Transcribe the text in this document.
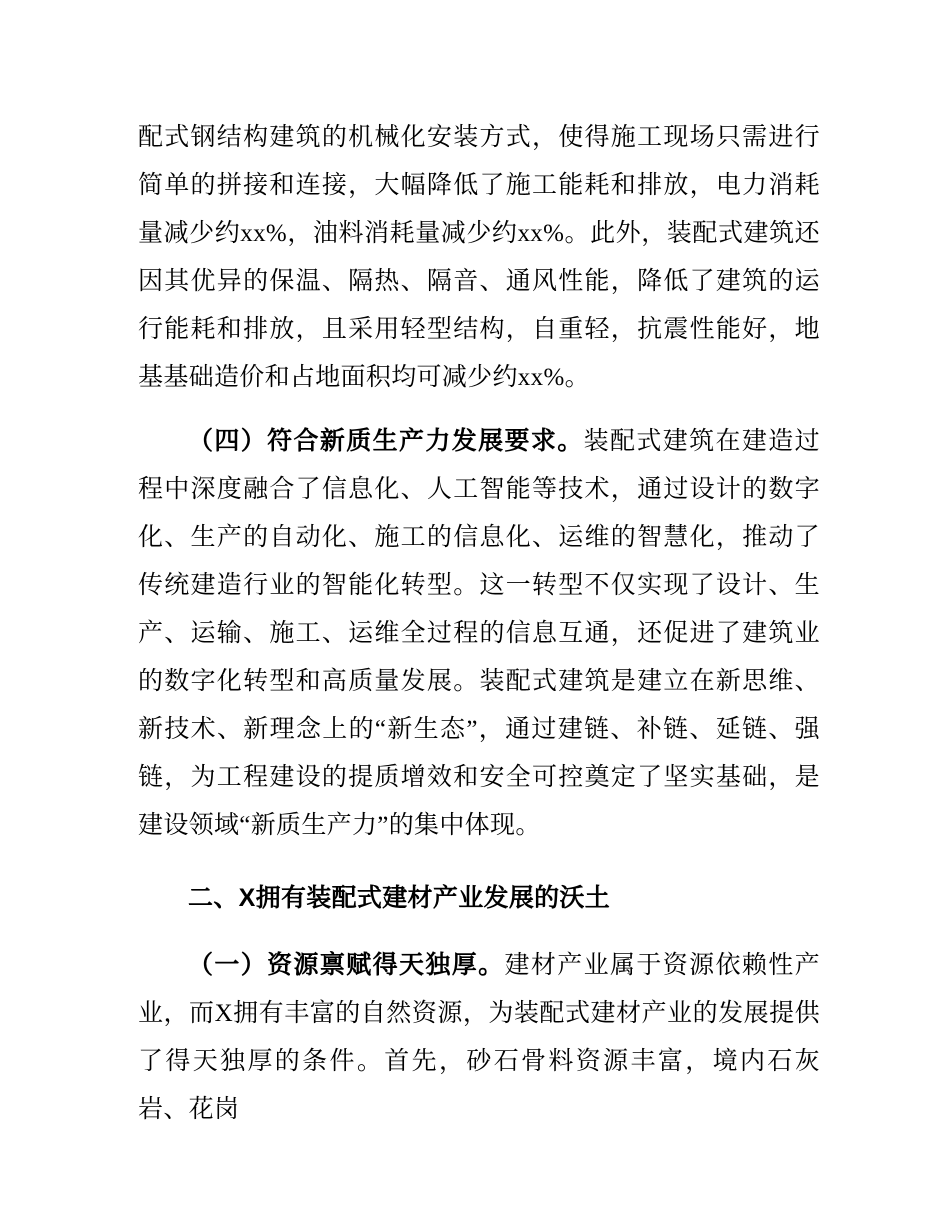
配式钢结构建筑的机械化安装方式，使得施工现场只需进行简单的拼接和连接，大幅降低了施工能耗和排放，电力消耗量减少约xx%，油料消耗量减少约xx%。此外，装配式建筑还因其优异的保温、隔热、隔音、通风性能，降低了建筑的运行能耗和排放，且采用轻型结构，自重轻，抗震性能好，地基基础造价和占地面积均可减少约xx%。

（四）符合新质生产力发展要求。装配式建筑在建造过程中深度融合了信息化、人工智能等技术，通过设计的数字化、生产的自动化、施工的信息化、运维的智慧化，推动了传统建造行业的智能化转型。这一转型不仅实现了设计、生产、运输、施工、运维全过程的信息互通，还促进了建筑业的数字化转型和高质量发展。装配式建筑是建立在新思维、新技术、新理念上的“新生态”，通过建链、补链、延链、强链，为工程建设的提质增效和安全可控奠定了坚实基础，是建设领域“新质生产力”的集中体现。

二、X拥有装配式建材产业发展的沃土

（一）资源禀赋得天独厚。建材产业属于资源依赖性产业，而X拥有丰富的自然资源，为装配式建材产业的发展提供了得天独厚的条件。首先，砂石骨料资源丰富，境内石灰岩、花岗
